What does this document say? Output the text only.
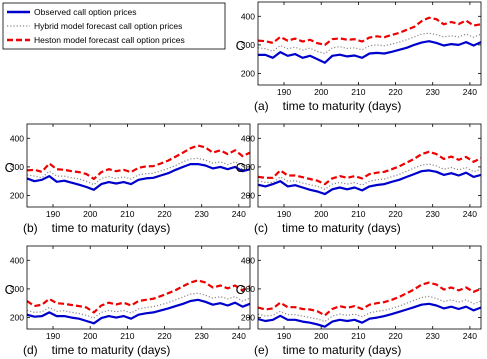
Observed call option prices
Hybrid model forecast call option prices
Heston model forecast call option prices
190	200	210	220	230	240
200
300
400
C
(a) time to maturity (days)
190	200	210	220	230	240
200
300
400
C
(b) time to maturity (days)
190	200	210	220	230	240
200
300
400
C
(c) time to maturity (days)
190	200	210	220	230	240
200
300
400
C
(d) time to maturity (days)
190	200	210	220	230	240
200
300
400
C
(e) time to maturity (days)
